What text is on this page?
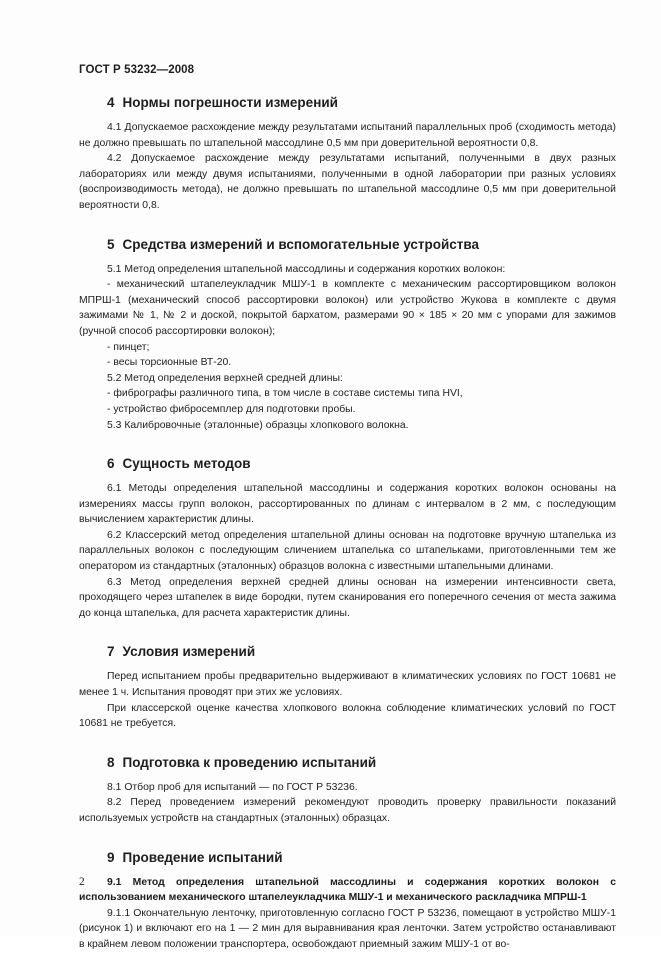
ГОСТ Р 53232—2008
4 Нормы погрешности измерений

4.1 Допускаемое расхождение между результатами испытаний параллельных проб (сходимость метода) не должно превышать по штапельной массодлине 0,5 мм при доверительной вероятности 0,8.

4.2 Допускаемое расхождение между результатами испытаний, полученными в двух разных лабораториях или между двумя испытаниями, полученными в одной лаборатории при разных условиях (воспроизводимость метода), не должно превышать по штапельной массодлине 0,5 мм при доверительной вероятности 0,8.

5 Средства измерений и вспомогательные устройства

5.1 Метод определения штапельной массодлины и содержания коротких волокон:

- механический штапелеукладчик МШУ-1 в комплекте с механическим рассортировщиком волокон МПРШ-1 (механический способ рассортировки волокон) или устройство Жукова в комплекте с двумя зажимами № 1, № 2 и доской, покрытой бархатом, размерами 90 × 185 × 20 мм с упорами для зажимов (ручной способ рассортировки волокон);

- пинцет;

- весы торсионные ВТ-20.

5.2 Метод определения верхней средней длины:

- фибрографы различного типа, в том числе в составе системы типа HVI,

- устройство фибросемплер для подготовки пробы.

5.3 Калибровочные (эталонные) образцы хлопкового волокна.

6 Сущность методов

6.1 Методы определения штапельной массодлины и содержания коротких волокон основаны на измерениях массы групп волокон, рассортированных по длинам с интервалом в 2 мм, с последующим вычислением характеристик длины.

6.2 Классерский метод определения штапельной длины основан на подготовке вручную штапелька из параллельных волокон с последующим сличением штапелька со штапельками, приготовленными тем же оператором из стандартных (эталонных) образцов волокна с известными штапельными длинами.

6.3 Метод определения верхней средней длины основан на измерении интенсивности света, проходящего через штапелек в виде бородки, путем сканирования его поперечного сечения от места зажима до конца штапелька, для расчета характеристик длины.

7 Условия измерений

Перед испытанием пробы предварительно выдерживают в климатических условиях по ГОСТ 10681 не менее 1 ч. Испытания проводят при этих же условиях.

При классерской оценке качества хлопкового волокна соблюдение климатических условий по ГОСТ 10681 не требуется.

8 Подготовка к проведению испытаний

8.1 Отбор проб для испытаний — по ГОСТ Р 53236.

8.2 Перед проведением измерений рекомендуют проводить проверку правильности показаний используемых устройств на стандартных (эталонных) образцах.

9 Проведение испытаний

9.1 Метод определения штапельной массодлины и содержания коротких волокон с использованием механического штапелеукладчика МШУ-1 и механического раскладчика МПРШ-1

9.1.1 Окончательную ленточку, приготовленную согласно ГОСТ Р 53236, помещают в устройство МШУ-1 (рисунок 1) и включают его на 1 — 2 мин для выравнивания края ленточки. Затем устройство останавливают в крайнем левом положении транспортера, освобождают приемный зажим МШУ-1 от во-

2
